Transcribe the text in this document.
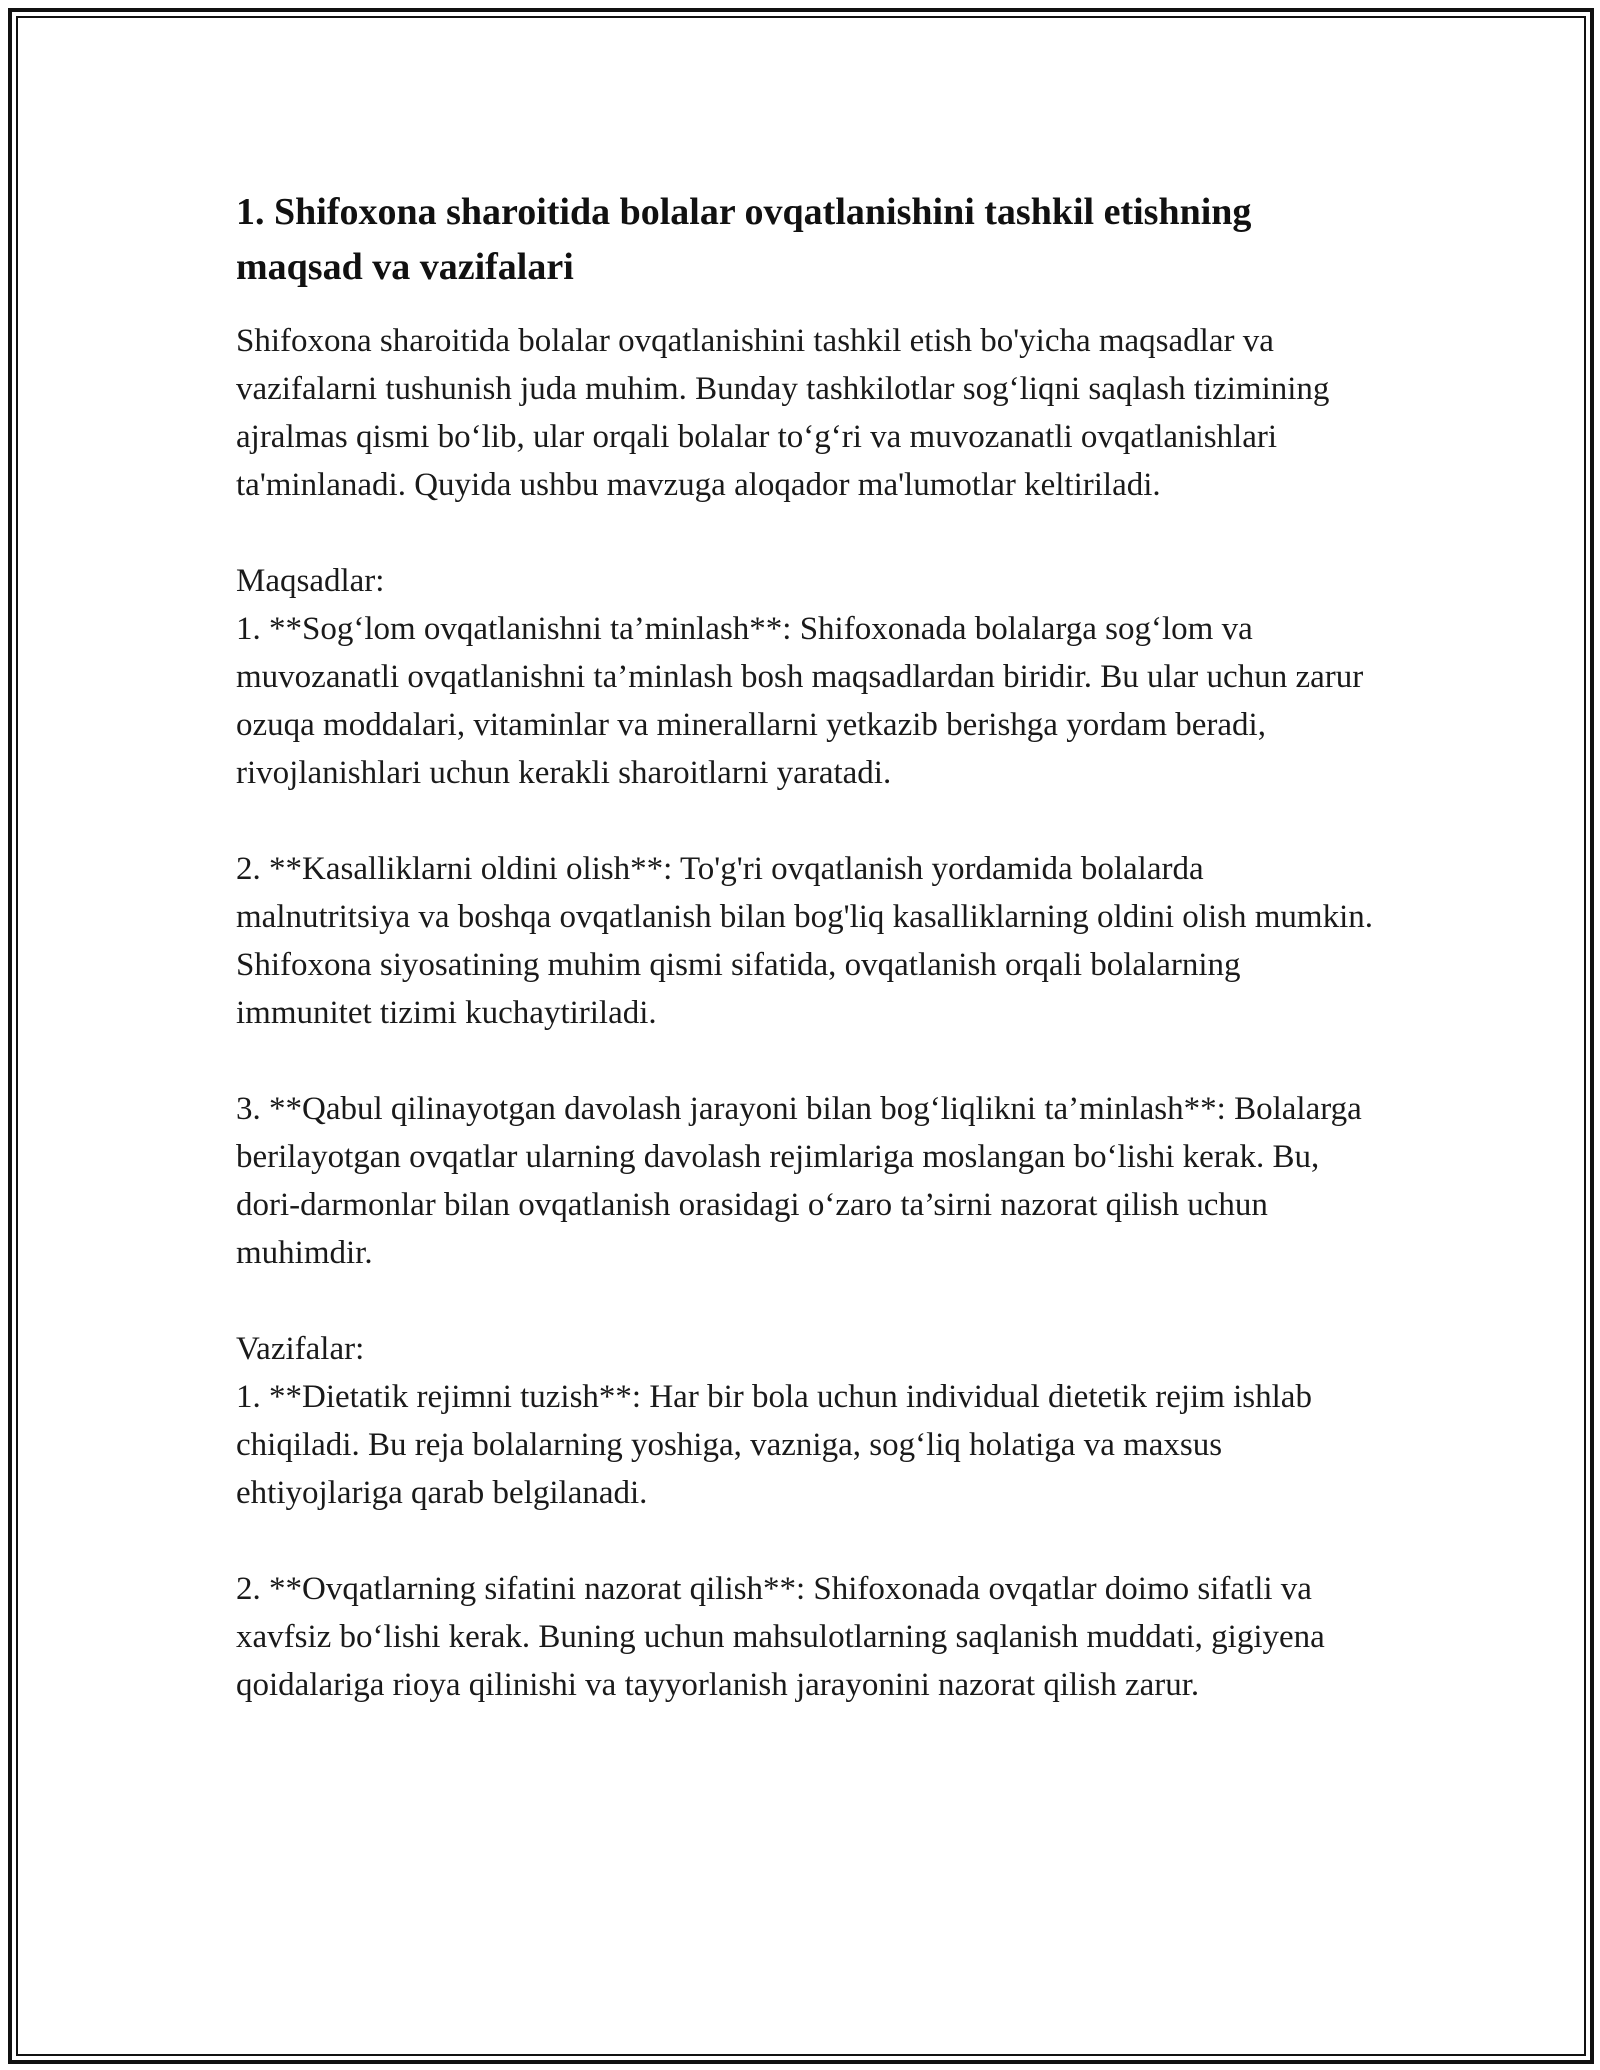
1. Shifoxona sharoitida bolalar ovqatlanishini tashkil etishning maqsad va vazifalari

Shifoxona sharoitida bolalar ovqatlanishini tashkil etish bo'yicha maqsadlar va vazifalarni tushunish juda muhim. Bunday tashkilotlar sog‘liqni saqlash tizimining ajralmas qismi bo‘lib, ular orqali bolalar to‘g‘ri va muvozanatli ovqatlanishlari ta'minlanadi. Quyida ushbu mavzuga aloqador ma'lumotlar keltiriladi.

Maqsadlar:

1. **Sog‘lom ovqatlanishni ta’minlash**: Shifoxonada bolalarga sog‘lom va muvozanatli ovqatlanishni ta’minlash bosh maqsadlardan biridir. Bu ular uchun zarur ozuqa moddalari, vitaminlar va minerallarni yetkazib berishga yordam beradi, rivojlanishlari uchun kerakli sharoitlarni yaratadi.

2. **Kasalliklarni oldini olish**: To'g'ri ovqatlanish yordamida bolalarda malnutritsiya va boshqa ovqatlanish bilan bog'liq kasalliklarning oldini olish mumkin. Shifoxona siyosatining muhim qismi sifatida, ovqatlanish orqali bolalarning immunitet tizimi kuchaytiriladi.

3. **Qabul qilinayotgan davolash jarayoni bilan bog‘liqlikni ta’minlash**: Bolalarga berilayotgan ovqatlar ularning davolash rejimlariga moslangan bo‘lishi kerak. Bu, dori-darmonlar bilan ovqatlanish orasidagi o‘zaro ta’sirni nazorat qilish uchun muhimdir.

Vazifalar:

1. **Dietatik rejimni tuzish**: Har bir bola uchun individual dietetik rejim ishlab chiqiladi. Bu reja bolalarning yoshiga, vazniga, sog‘liq holatiga va maxsus ehtiyojlariga qarab belgilanadi.

2. **Ovqatlarning sifatini nazorat qilish**: Shifoxonada ovqatlar doimo sifatli va xavfsiz bo‘lishi kerak. Buning uchun mahsulotlarning saqlanish muddati, gigiyena qoidalariga rioya qilinishi va tayyorlanish jarayonini nazorat qilish zarur.
